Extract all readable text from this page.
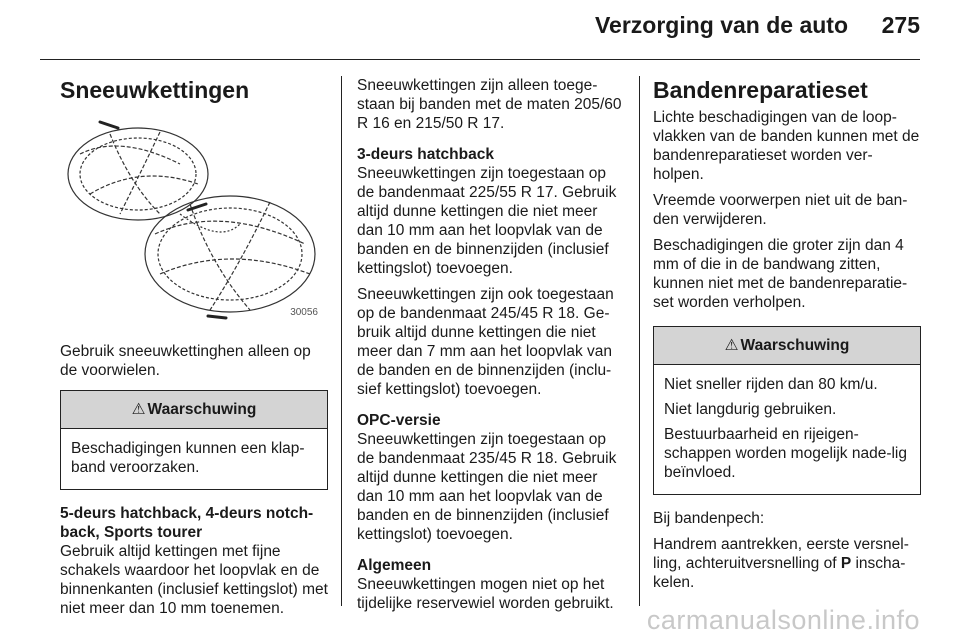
Verzorging van de auto 275
Sneeuwkettingen
30056

Gebruik sneeuwkettinghen alleen op de voorwielen.

⚠ Waarschuwing

Beschadigingen kunnen een klap-band veroorzaken.

5-deurs hatchback, 4-deurs notch-back, Sports tourer

Gebruik altijd kettingen met fijne schakels waardoor het loopvlak en de binnenkanten (inclusief kettingslot) met niet meer dan 10 mm toenemen.

Sneeuwkettingen zijn alleen toege-staan bij banden met de maten 205/60 R 16 en 215/50 R 17.

3-deurs hatchback

Sneeuwkettingen zijn toegestaan op de bandenmaat 225/55 R 17. Gebruik altijd dunne kettingen die niet meer dan 10 mm aan het loopvlak van de banden en de binnenzijden (inclusief kettingslot) toevoegen.

Sneeuwkettingen zijn ook toegestaan op de bandenmaat 245/45 R 18. Ge-bruik altijd dunne kettingen die niet meer dan 7 mm aan het loopvlak van de banden en de binnenzijden (inclu-sief kettingslot) toevoegen.

OPC-versie

Sneeuwkettingen zijn toegestaan op de bandenmaat 235/45 R 18. Gebruik altijd dunne kettingen die niet meer dan 10 mm aan het loopvlak van de banden en de binnenzijden (inclusief kettingslot) toevoegen.

Algemeen

Sneeuwkettingen mogen niet op het tijdelijke reservewiel worden gebruikt.

Bandenreparatieset

Lichte beschadigingen van de loop-vlakken van de banden kunnen met de bandenreparatieset worden ver-holpen.

Vreemde voorwerpen niet uit de ban-den verwijderen.

Beschadigingen die groter zijn dan 4 mm of die in de bandwang zitten, kunnen niet met de bandenreparatie-set worden verholpen.

⚠ Waarschuwing

Niet sneller rijden dan 80 km/u.

Niet langdurig gebruiken.

Bestuurbaarheid en rijeigen-schappen worden mogelijk nade-lig beïnvloed.

Bij bandenpech:

Handrem aantrekken, eerste versnel-ling, achteruitversnelling of P inscha-kelen.

carmanualsonline.info
